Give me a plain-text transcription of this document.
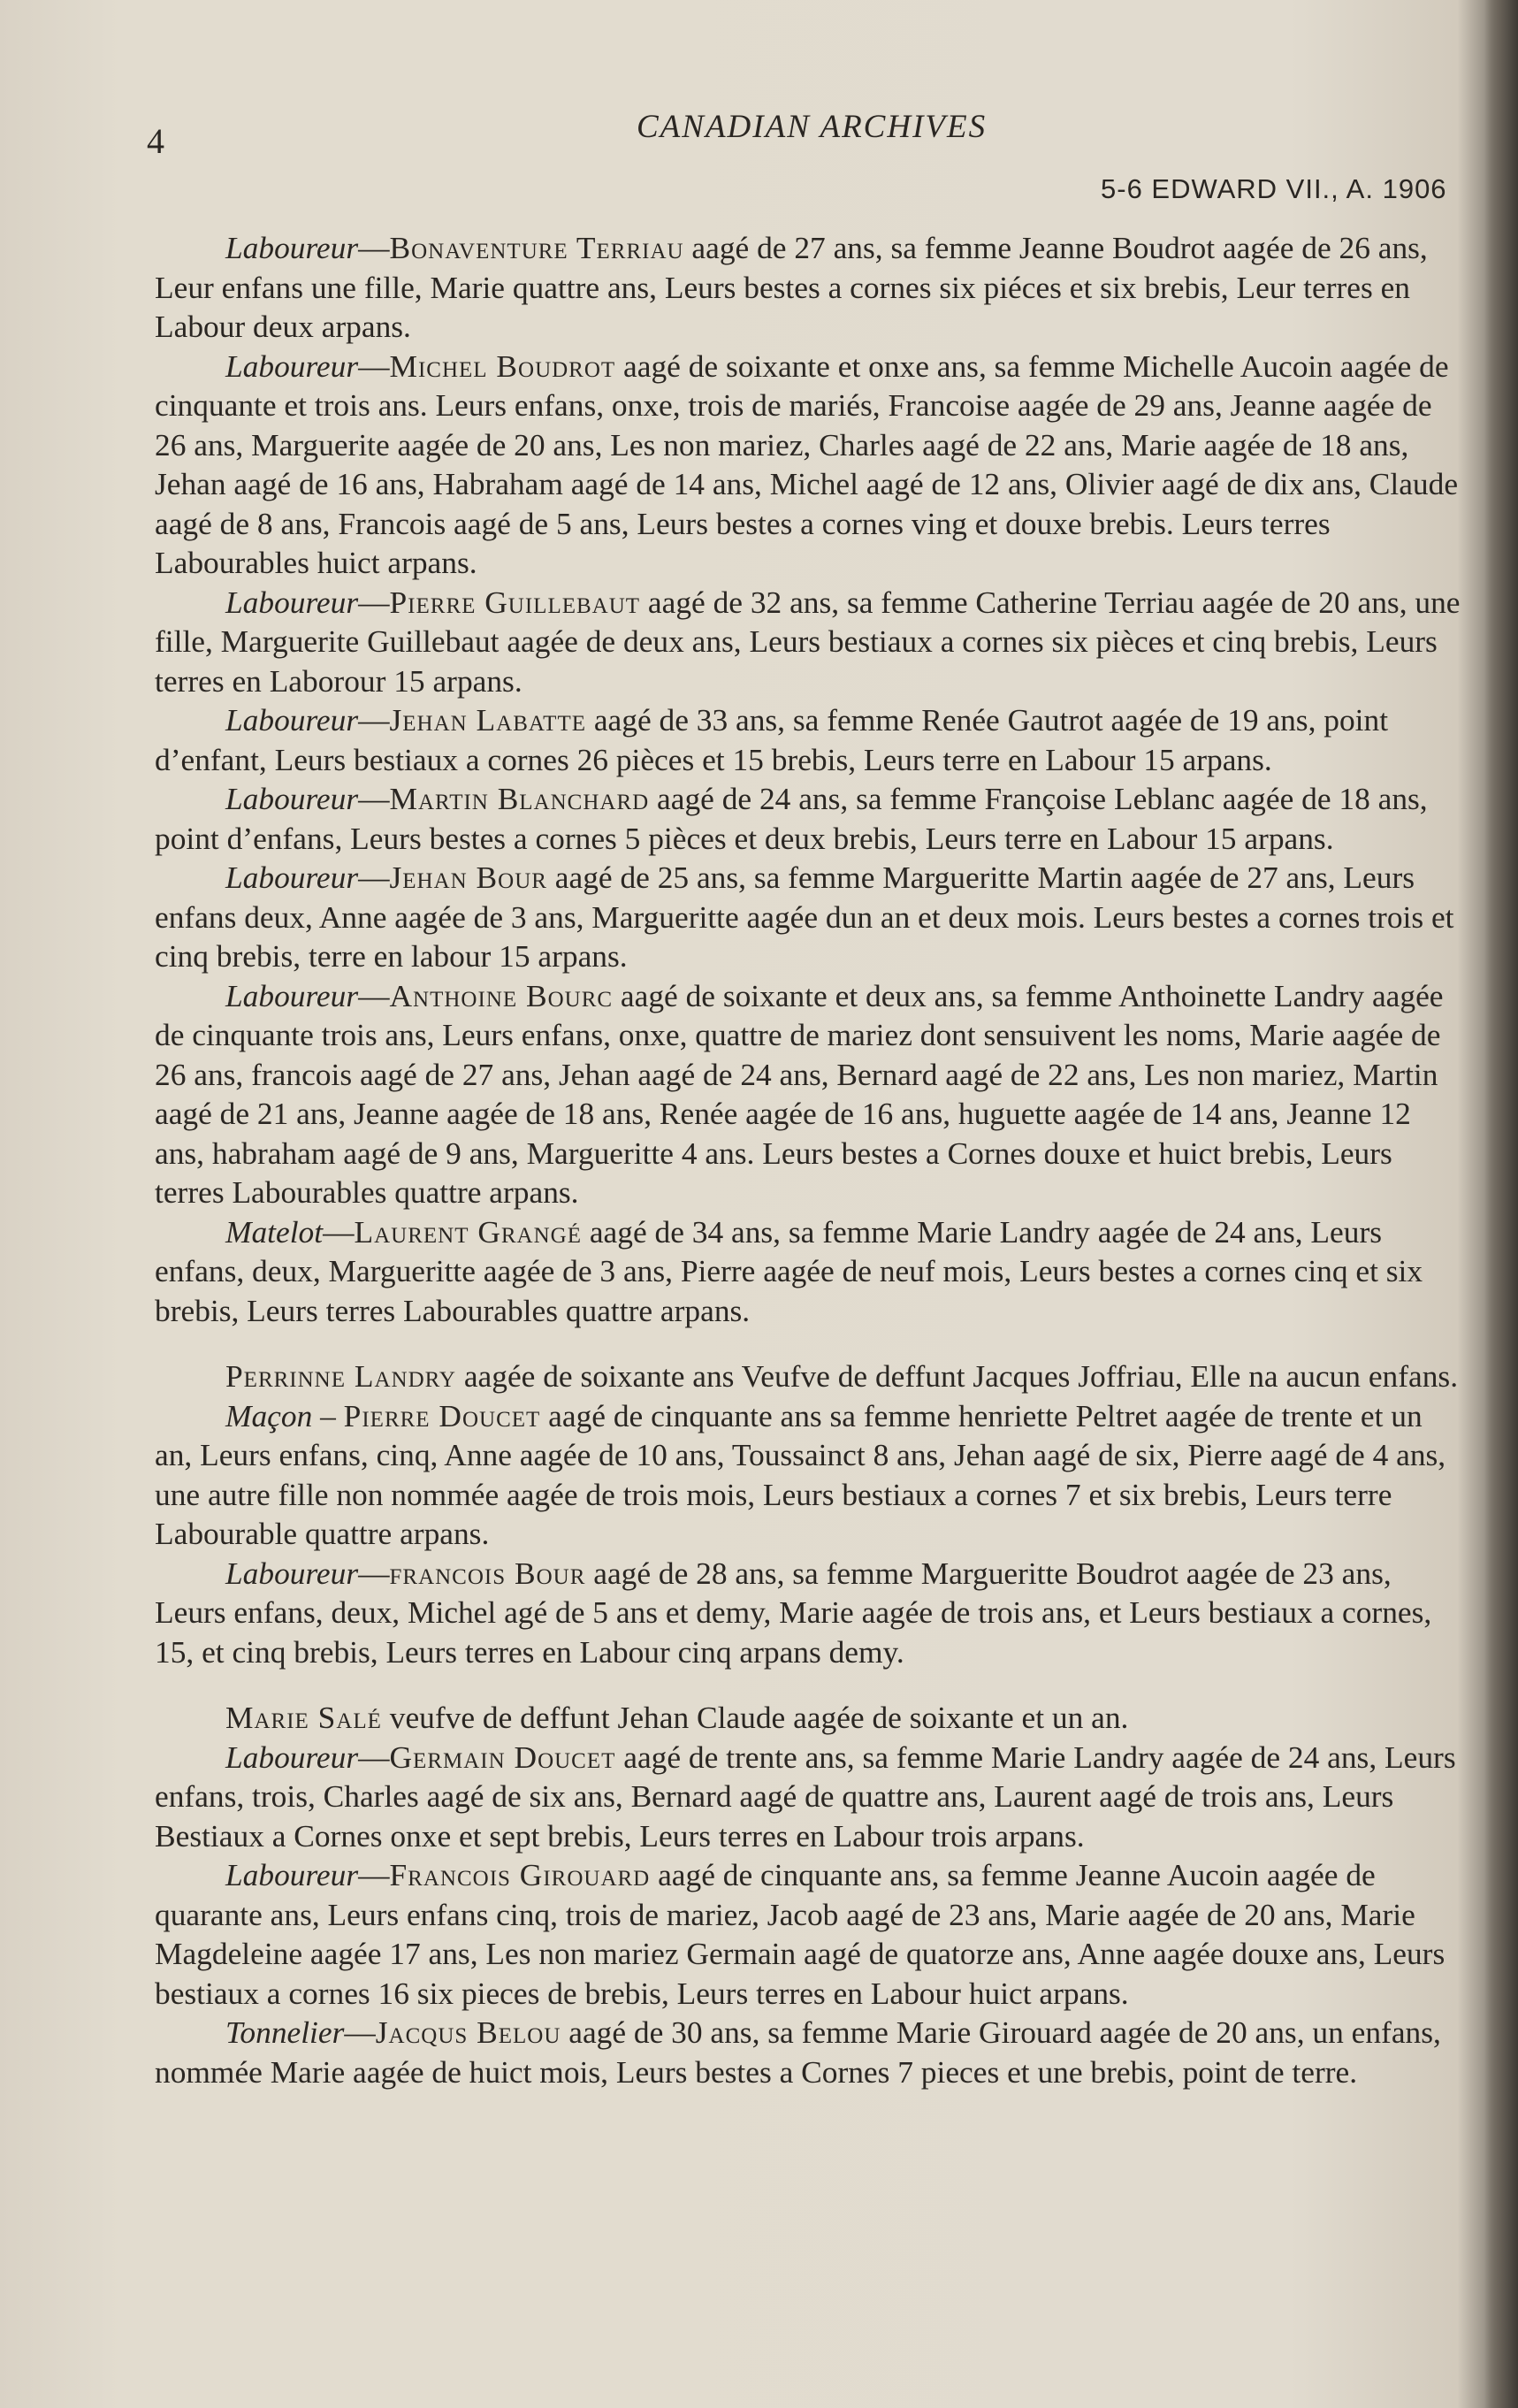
4	CANADIAN ARCHIVES
5-6 EDWARD VII., A. 1906

Laboureur—Bonaventure Terriau aagé de 27 ans, sa femme Jeanne Boudrot aagée de 26 ans, Leur enfans une fille, Marie quattre ans, Leurs bestes a cornes six piéces et six brebis, Leur terres en Labour deux arpans.

Laboureur—Michel Boudrot aagé de soixante et onxe ans, sa femme Michelle Aucoin aagée de cinquante et trois ans. Leurs enfans, onxe, trois de mariés, Francoise aagée de 29 ans, Jeanne aagée de 26 ans, Marguerite aagée de 20 ans, Les non mariez, Charles aagé de 22 ans, Marie aagée de 18 ans, Jehan aagé de 16 ans, Habraham aagé de 14 ans, Michel aagé de 12 ans, Olivier aagé de dix ans, Claude aagé de 8 ans, Francois aagé de 5 ans, Leurs bestes a cornes ving et douxe brebis. Leurs terres Labourables huict arpans.

Laboureur—Pierre Guillebaut aagé de 32 ans, sa femme Catherine Terriau aagée de 20 ans, une fille, Marguerite Guillebaut aagée de deux ans, Leurs bestiaux a cornes six pièces et cinq brebis, Leurs terres en Laborour 15 arpans.

Laboureur—Jehan Labatte aagé de 33 ans, sa femme Renée Gautrot aagée de 19 ans, point d’enfant, Leurs bestiaux a cornes 26 pièces et 15 brebis, Leurs terre en Labour 15 arpans.

Laboureur—Martin Blanchard aagé de 24 ans, sa femme Françoise Leblanc aagée de 18 ans, point d’enfans, Leurs bestes a cornes 5 pièces et deux brebis, Leurs terre en Labour 15 arpans.

Laboureur—Jehan Bour aagé de 25 ans, sa femme Margueritte Martin aagée de 27 ans, Leurs enfans deux, Anne aagée de 3 ans, Margueritte aagée dun an et deux mois. Leurs bestes a cornes trois et cinq brebis, terre en labour 15 arpans.

Laboureur—Anthoine Bourc aagé de soixante et deux ans, sa femme Anthoinette Landry aagée de cinquante trois ans, Leurs enfans, onxe, quattre de mariez dont sensuivent les noms, Marie aagée de 26 ans, francois aagé de 27 ans, Jehan aagé de 24 ans, Bernard aagé de 22 ans, Les non mariez, Martin aagé de 21 ans, Jeanne aagée de 18 ans, Renée aagée de 16 ans, huguette aagée de 14 ans, Jeanne 12 ans, habraham aagé de 9 ans, Margueritte 4 ans. Leurs bestes a Cornes douxe et huict brebis, Leurs terres Labourables quattre arpans.

Matelot—Laurent Grangé aagé de 34 ans, sa femme Marie Landry aagée de 24 ans, Leurs enfans, deux, Margueritte aagée de 3 ans, Pierre aagée de neuf mois, Leurs bestes a cornes cinq et six brebis, Leurs terres Labourables quattre arpans.

Perrinne Landry aagée de soixante ans Veufve de deffunt Jacques Joffriau, Elle na aucun enfans.

Maçon – Pierre Doucet aagé de cinquante ans sa femme henriette Peltret aagée de trente et un an, Leurs enfans, cinq, Anne aagée de 10 ans, Toussainct 8 ans, Jehan aagé de six, Pierre aagé de 4 ans, une autre fille non nommée aagée de trois mois, Leurs bestiaux a cornes 7 et six brebis, Leurs terre Labourable quattre arpans.

Laboureur—francois Bour aagé de 28 ans, sa femme Margueritte Boudrot aagée de 23 ans, Leurs enfans, deux, Michel agé de 5 ans et demy, Marie aagée de trois ans, et Leurs bestiaux a cornes, 15, et cinq brebis, Leurs terres en Labour cinq arpans demy.

Marie Salé veufve de deffunt Jehan Claude aagée de soixante et un an.

Laboureur—Germain Doucet aagé de trente ans, sa femme Marie Landry aagée de 24 ans, Leurs enfans, trois, Charles aagé de six ans, Bernard aagé de quattre ans, Laurent aagé de trois ans, Leurs Bestiaux a Cornes onxe et sept brebis, Leurs terres en Labour trois arpans.

Laboureur—Francois Girouard aagé de cinquante ans, sa femme Jeanne Aucoin aagée de quarante ans, Leurs enfans cinq, trois de mariez, Jacob aagé de 23 ans, Marie aagée de 20 ans, Marie Magdeleine aagée 17 ans, Les non mariez Germain aagé de quatorze ans, Anne aagée douxe ans, Leurs bestiaux a cornes 16 six pieces de brebis, Leurs terres en Labour huict arpans.

Tonnelier—Jacqus Belou aagé de 30 ans, sa femme Marie Girouard aagée de 20 ans, un enfans, nommée Marie aagée de huict mois, Leurs bestes a Cornes 7 pieces et une brebis, point de terre.
